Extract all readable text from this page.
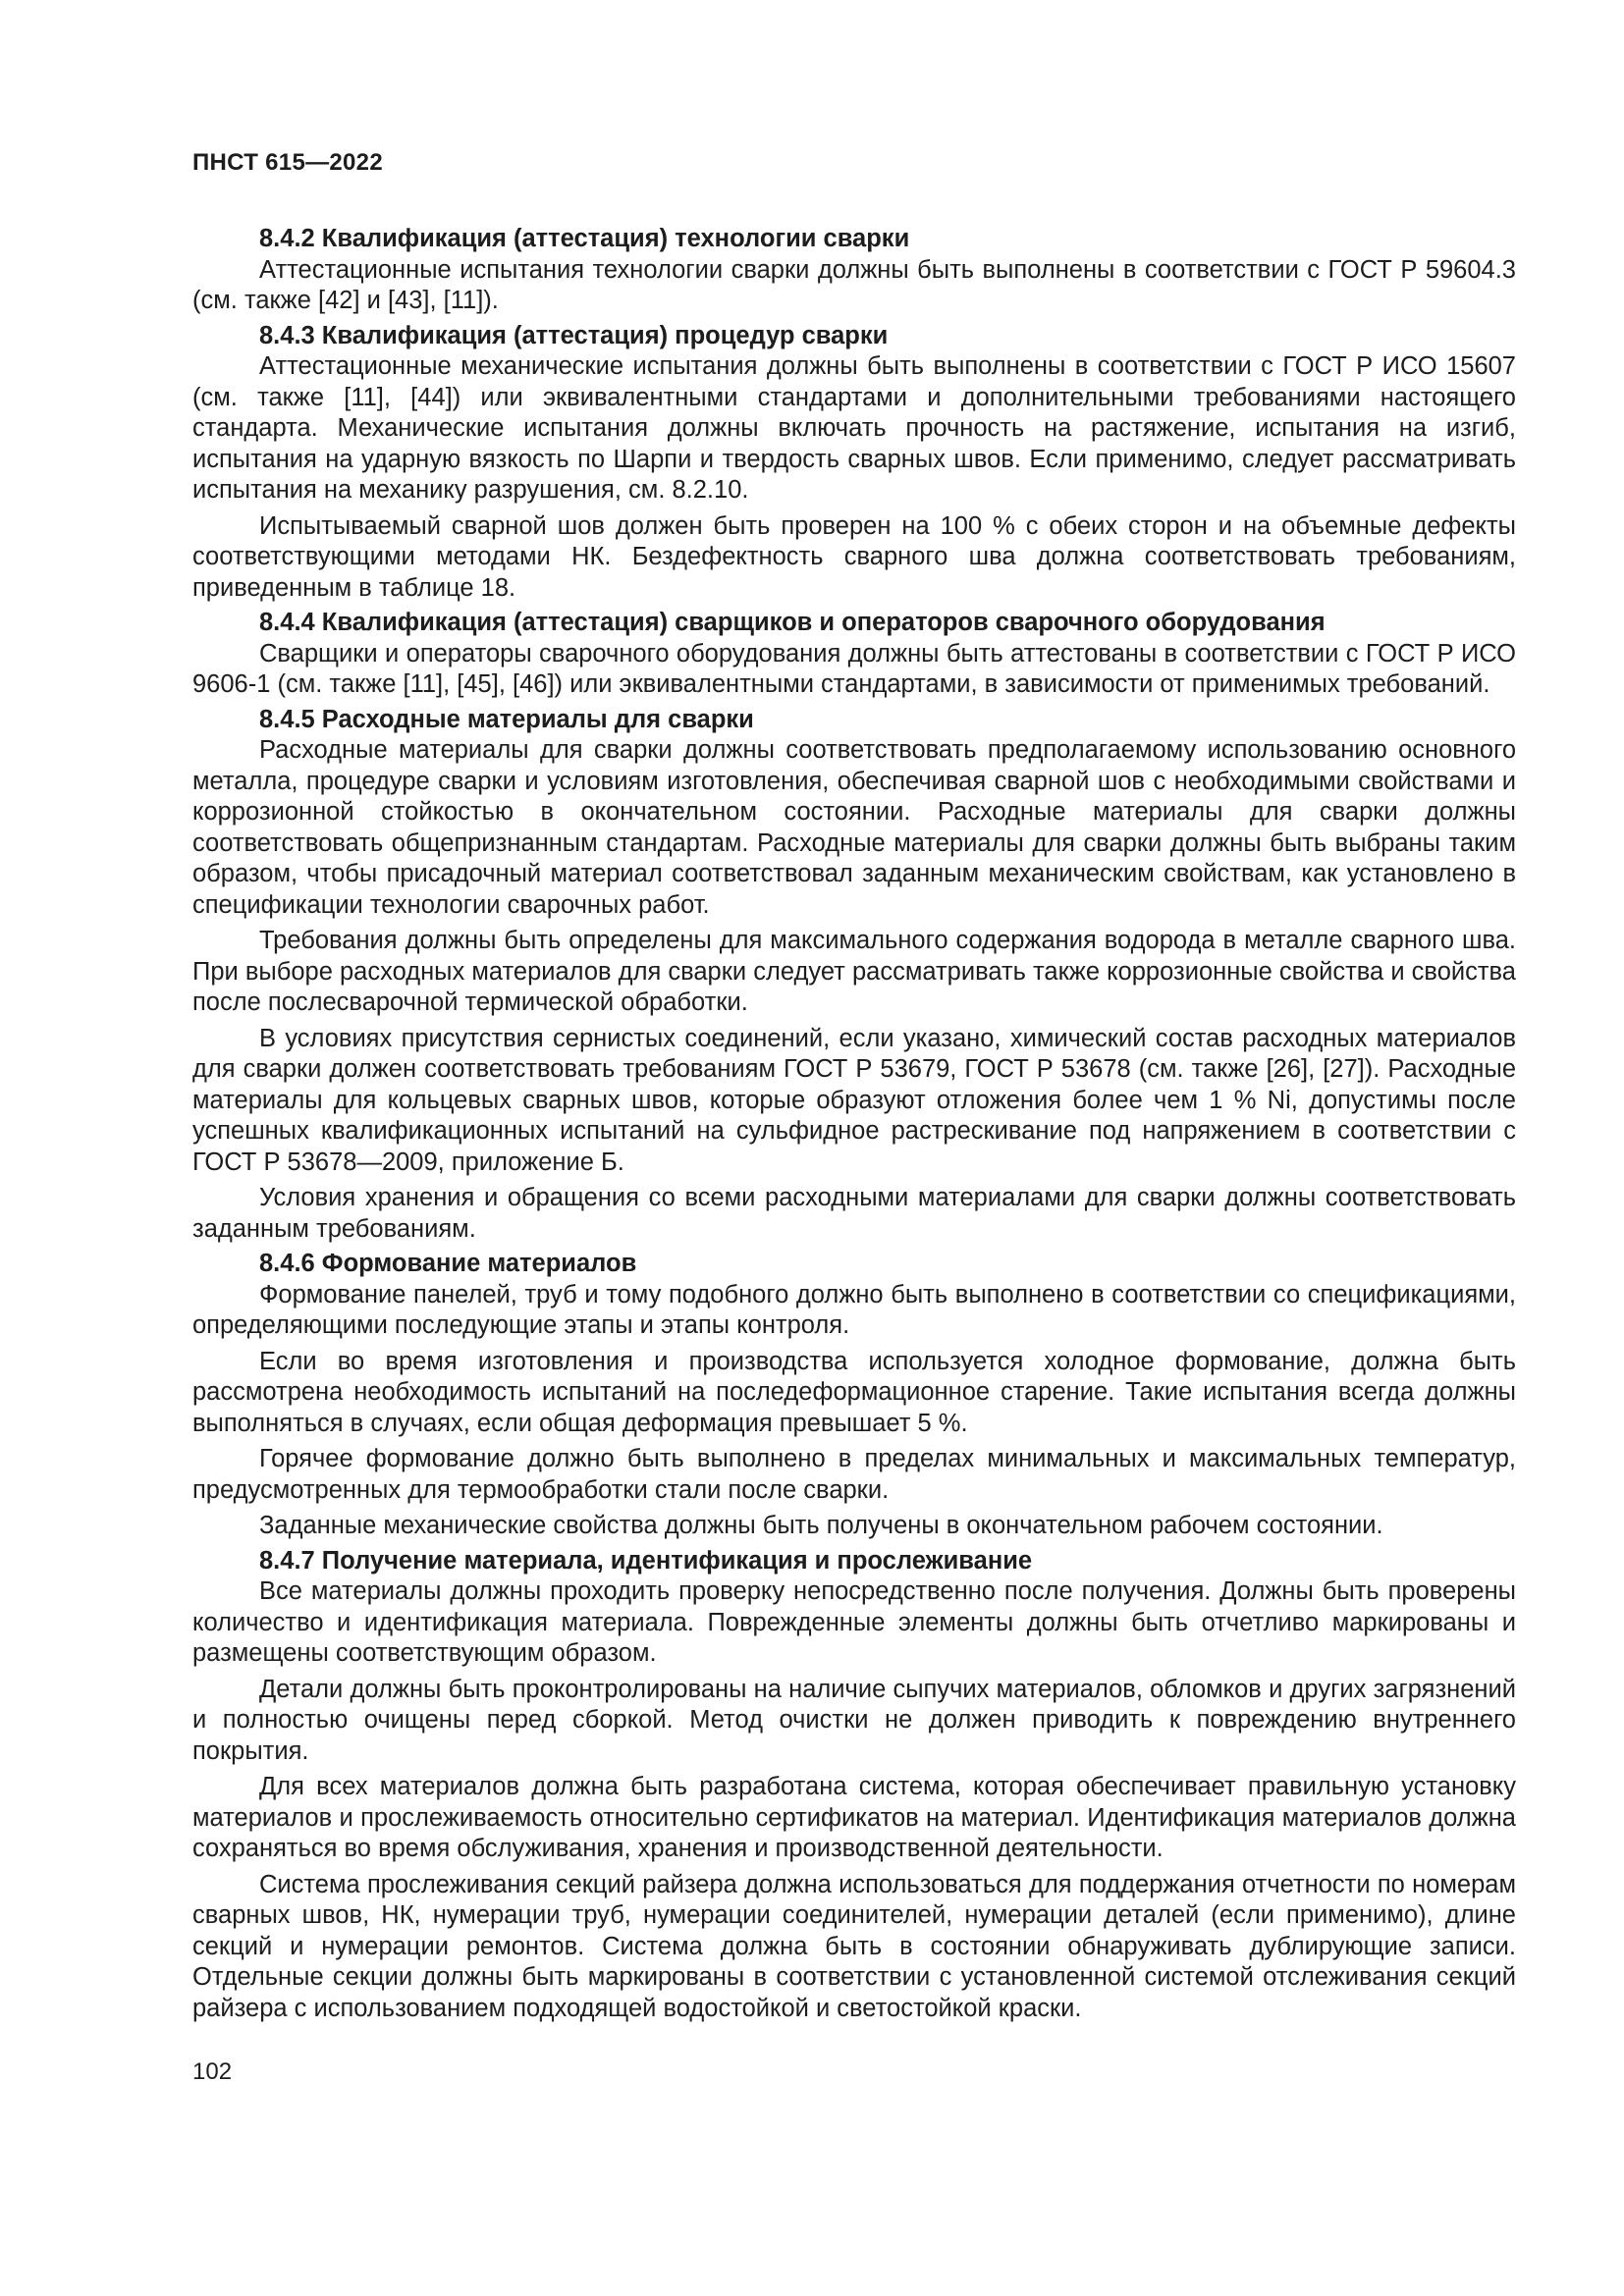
ПНСТ 615—2022
8.4.2 Квалификация (аттестация) технологии сварки

Аттестационные испытания технологии сварки должны быть выполнены в соответствии с ГОСТ Р 59604.3 (см. также [42] и [43], [11]).

8.4.3 Квалификация (аттестация) процедур сварки

Аттестационные механические испытания должны быть выполнены в соответствии с ГОСТ Р ИСО 15607 (см. также [11], [44]) или эквивалентными стандартами и дополнительными требованиями настоящего стандарта. Механические испытания должны включать прочность на растяжение, испытания на изгиб, испытания на ударную вязкость по Шарпи и твердость сварных швов. Если применимо, следует рассматривать испытания на механику разрушения, см. 8.2.10.

Испытываемый сварной шов должен быть проверен на 100 % с обеих сторон и на объемные дефекты соответствующими методами НК. Бездефектность сварного шва должна соответствовать требованиям, приведенным в таблице 18.

8.4.4 Квалификация (аттестация) сварщиков и операторов сварочного оборудования

Сварщики и операторы сварочного оборудования должны быть аттестованы в соответствии с ГОСТ Р ИСО 9606-1 (см. также [11], [45], [46]) или эквивалентными стандартами, в зависимости от применимых требований.

8.4.5 Расходные материалы для сварки

Расходные материалы для сварки должны соответствовать предполагаемому использованию основного металла, процедуре сварки и условиям изготовления, обеспечивая сварной шов с необходимыми свойствами и коррозионной стойкостью в окончательном состоянии. Расходные материалы для сварки должны соответствовать общепризнанным стандартам. Расходные материалы для сварки должны быть выбраны таким образом, чтобы присадочный материал соответствовал заданным механическим свойствам, как установлено в спецификации технологии сварочных работ.

Требования должны быть определены для максимального содержания водорода в металле сварного шва. При выборе расходных материалов для сварки следует рассматривать также коррозионные свойства и свойства после послесварочной термической обработки.

В условиях присутствия сернистых соединений, если указано, химический состав расходных материалов для сварки должен соответствовать требованиям ГОСТ Р 53679, ГОСТ Р 53678 (см. также [26], [27]). Расходные материалы для кольцевых сварных швов, которые образуют отложения более чем 1 % Ni, допустимы после успешных квалификационных испытаний на сульфидное растрескивание под напряжением в соответствии с ГОСТ Р 53678—2009, приложение Б.

Условия хранения и обращения со всеми расходными материалами для сварки должны соответствовать заданным требованиям.

8.4.6 Формование материалов

Формование панелей, труб и тому подобного должно быть выполнено в соответствии со спецификациями, определяющими последующие этапы и этапы контроля.

Если во время изготовления и производства используется холодное формование, должна быть рассмотрена необходимость испытаний на последеформационное старение. Такие испытания всегда должны выполняться в случаях, если общая деформация превышает 5 %.

Горячее формование должно быть выполнено в пределах минимальных и максимальных температур, предусмотренных для термообработки стали после сварки.

Заданные механические свойства должны быть получены в окончательном рабочем состоянии.

8.4.7 Получение материала, идентификация и прослеживание

Все материалы должны проходить проверку непосредственно после получения. Должны быть проверены количество и идентификация материала. Поврежденные элементы должны быть отчетливо маркированы и размещены соответствующим образом.

Детали должны быть проконтролированы на наличие сыпучих материалов, обломков и других загрязнений и полностью очищены перед сборкой. Метод очистки не должен приводить к повреждению внутреннего покрытия.

Для всех материалов должна быть разработана система, которая обеспечивает правильную установку материалов и прослеживаемость относительно сертификатов на материал. Идентификация материалов должна сохраняться во время обслуживания, хранения и производственной деятельности.

Система прослеживания секций райзера должна использоваться для поддержания отчетности по номерам сварных швов, НК, нумерации труб, нумерации соединителей, нумерации деталей (если применимо), длине секций и нумерации ремонтов. Система должна быть в состоянии обнаруживать дублирующие записи. Отдельные секции должны быть маркированы в соответствии с установленной системой отслеживания секций райзера с использованием подходящей водостойкой и светостойкой краски.

102
